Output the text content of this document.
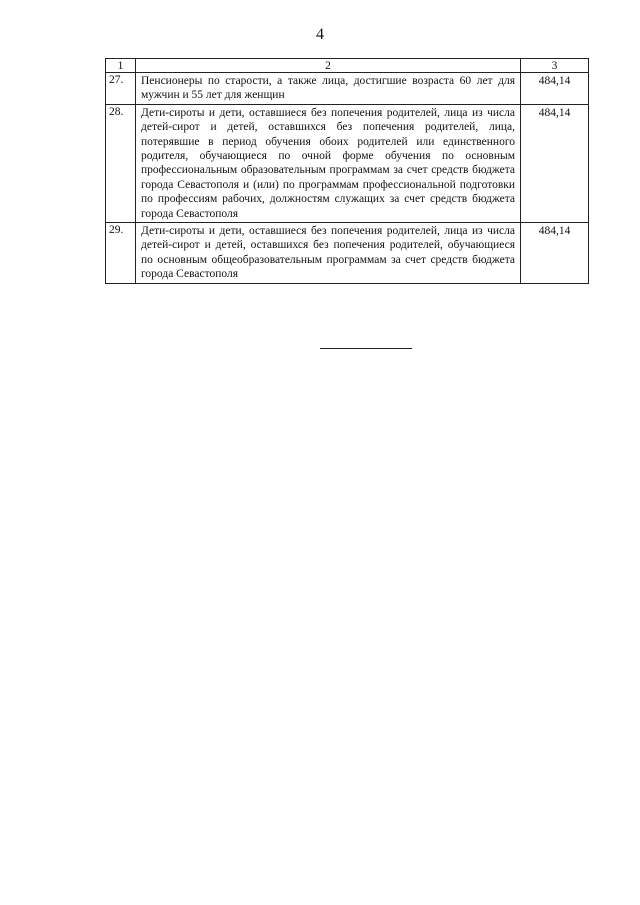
4
1	2	3
27.	Пенсионеры по старости, а также лица, достигшие возраста 60 лет для мужчин и 55 лет для женщин	484,14
28.	Дети-сироты и дети, оставшиеся без попечения родителей, лица из числа детей-сирот и детей, оставшихся без попечения родителей, лица, потерявшие в период обучения обоих родителей или единственного родителя, обучающиеся по очной форме обучения по основным профессиональным образовательным программам за счет средств бюджета города Севастополя и (или) по программам профессиональной подготовки по профессиям рабочих, должностям служащих за счет средств бюджета города Севастополя	484,14
29.	Дети-сироты и дети, оставшиеся без попечения родителей, лица из числа детей-сирот и детей, оставшихся без попечения родителей, обучающиеся по основным общеобразовательным программам за счет средств бюджета города Севастополя	484,14
